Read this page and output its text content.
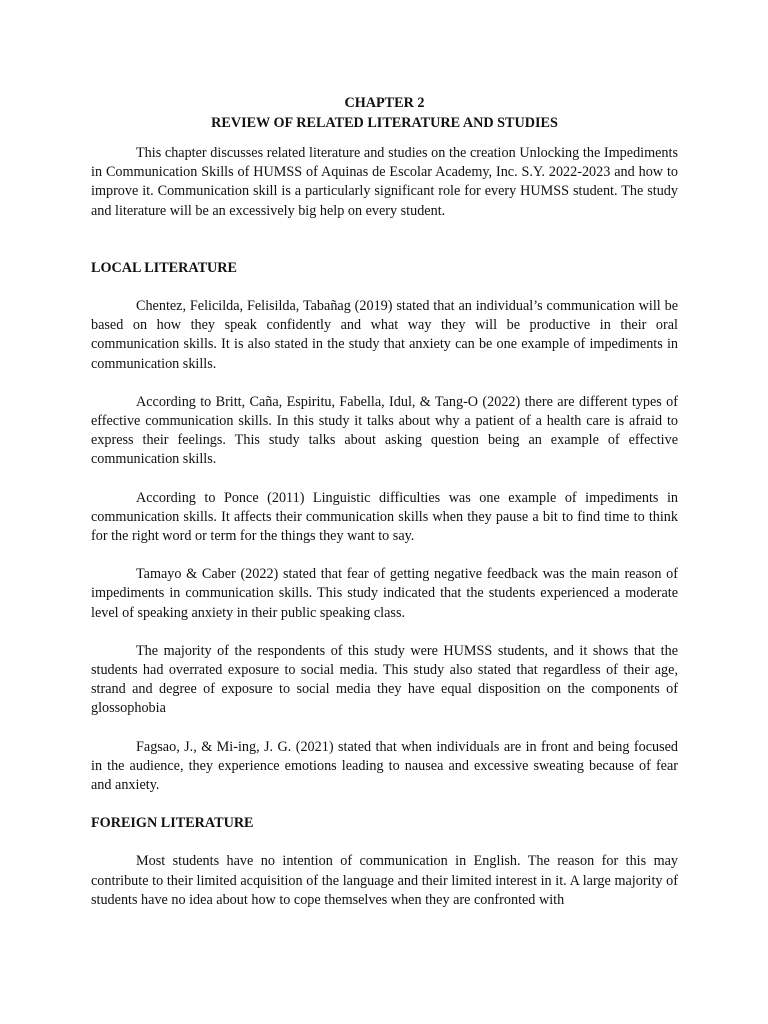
CHAPTER 2

REVIEW OF RELATED LITERATURE AND STUDIES

This chapter discusses related literature and studies on the creation Unlocking the Impediments in Communication Skills of HUMSS of Aquinas de Escolar Academy, Inc. S.Y. 2022-2023 and how to improve it. Communication skill is a particularly significant role for every HUMSS student. The study and literature will be an excessively big help on every student.

LOCAL LITERATURE

Chentez, Felicilda, Felisilda, Tabañag (2019) stated that an individual’s communication will be based on how they speak confidently and what way they will be productive in their oral communication skills. It is also stated in the study that anxiety can be one example of impediments in communication skills.

According to Britt, Caña, Espiritu, Fabella, Idul, & Tang-O (2022) there are different types of effective communication skills. In this study it talks about why a patient of a health care is afraid to express their feelings. This study talks about asking question being an example of effective communication skills.

According to Ponce (2011) Linguistic difficulties was one example of impediments in communication skills. It affects their communication skills when they pause a bit to find time to think for the right word or term for the things they want to say.

Tamayo & Caber (2022) stated that fear of getting negative feedback was the main reason of impediments in communication skills. This study indicated that the students experienced a moderate level of speaking anxiety in their public speaking class.

The majority of the respondents of this study were HUMSS students, and it shows that the students had overrated exposure to social media. This study also stated that regardless of their age, strand and degree of exposure to social media they have equal disposition on the components of glossophobia

Fagsao, J., & Mi-ing, J. G. (2021) stated that when individuals are in front and being focused in the audience, they experience emotions leading to nausea and excessive sweating because of fear and anxiety.

FOREIGN LITERATURE

Most students have no intention of communication in English. The reason for this may contribute to their limited acquisition of the language and their limited interest in it. A large majority of students have no idea about how to cope themselves when they are confronted with
